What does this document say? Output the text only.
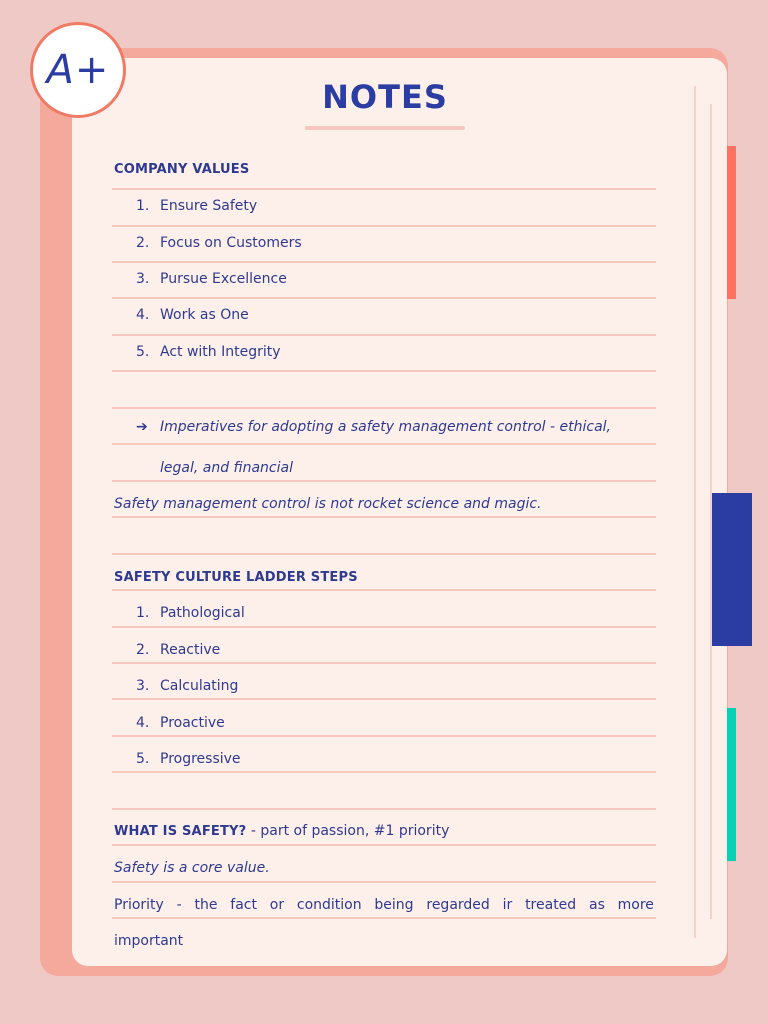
A+
NOTES
COMPANY VALUES
1. Ensure Safety
2. Focus on Customers
3. Pursue Excellence
4. Work as One
5. Act with Integrity
➔ Imperatives for adopting a safety management control - ethical,
legal, and financial
Safety management control is not rocket science and magic.
SAFETY CULTURE LADDER STEPS
1. Pathological
2. Reactive
3. Calculating
4. Proactive
5. Progressive
WHAT IS SAFETY? - part of passion, #1 priority
Safety is a core value.
Priority - the fact or condition being regarded ir treated as more
important
